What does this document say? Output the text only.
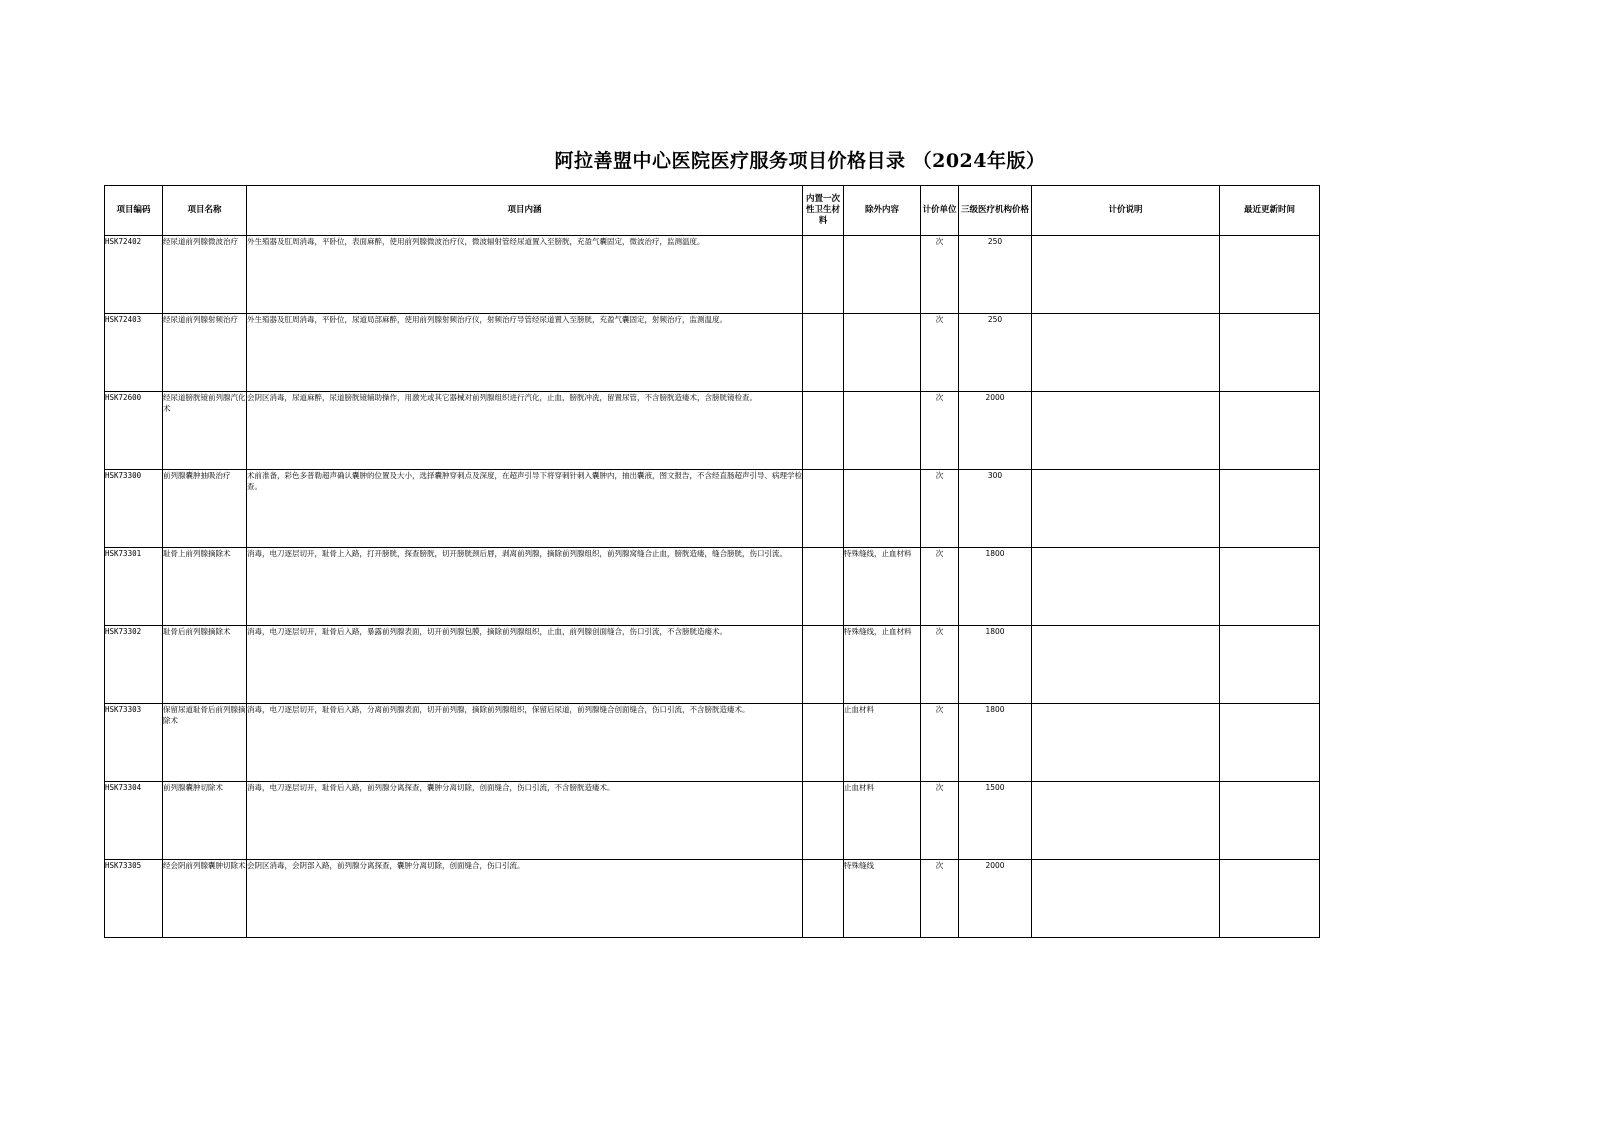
阿拉善盟中心医院医疗服务项目价格目录 （2024年版）
项目编码	项目名称	项目内涵	内置一次性卫生材料	除外内容	计价单位	三级医疗机构价格	计价说明	最近更新时间
HSK72402	经尿道前列腺微波治疗	外生殖器及肛周消毒，平卧位，表面麻醉，使用前列腺微波治疗仪，微波辐射管经尿道置入至膀胱，充盈气囊固定，微波治疗，监测温度。			次	250		
HSK72403	经尿道前列腺射频治疗	外生殖器及肛周消毒，平卧位，尿道局部麻醉，使用前列腺射频治疗仪，射频治疗导管经尿道置入至膀胱，充盈气囊固定，射频治疗，监测温度。			次	250		
HSK72600	经尿道膀胱镜前列腺汽化术	会阴区消毒，尿道麻醉，尿道膀胱镜辅助操作，用激光或其它器械对前列腺组织进行汽化，止血，膀胱冲洗，留置尿管，不含膀胱造瘘术，含膀胱镜检查。			次	2000		
HSK73300	前列腺囊肿抽吸治疗	术前准备，彩色多普勒超声确认囊肿的位置及大小，选择囊肿穿刺点及深度，在超声引导下将穿刺针刺入囊肿内，抽出囊液，图文报告，不含经直肠超声引导、病理学检查。			次	300		
HSK73301	耻骨上前列腺摘除术	消毒，电刀逐层切开，耻骨上入路，打开膀胱，探查膀胱，切开膀胱颈后唇，剥离前列腺，摘除前列腺组织，前列腺窝缝合止血，膀胱造瘘，缝合膀胱，伤口引流。		特殊缝线，止血材料	次	1800		
HSK73302	耻骨后前列腺摘除术	消毒，电刀逐层切开，耻骨后入路，暴露前列腺表面，切开前列腺包膜，摘除前列腺组织，止血，前列腺创面缝合，伤口引流，不含膀胱造瘘术。		特殊缝线，止血材料	次	1800		
HSK73303	保留尿道耻骨后前列腺摘除术	消毒，电刀逐层切开，耻骨后入路，分离前列腺表面，切开前列腺，摘除前列腺组织，保留后尿道，前列腺缝合创面缝合，伤口引流，不含膀胱造瘘术。		止血材料	次	1800		
HSK73304	前列腺囊肿切除术	消毒，电刀逐层切开，耻骨后入路，前列腺分离探查，囊肿分离切除，创面缝合，伤口引流，不含膀胱造瘘术。		止血材料	次	1500		
HSK73305	经会阴前列腺囊肿切除术	会阴区消毒，会阴部入路，前列腺分离探查，囊肿分离切除，创面缝合，伤口引流。		特殊缝线	次	2000		
